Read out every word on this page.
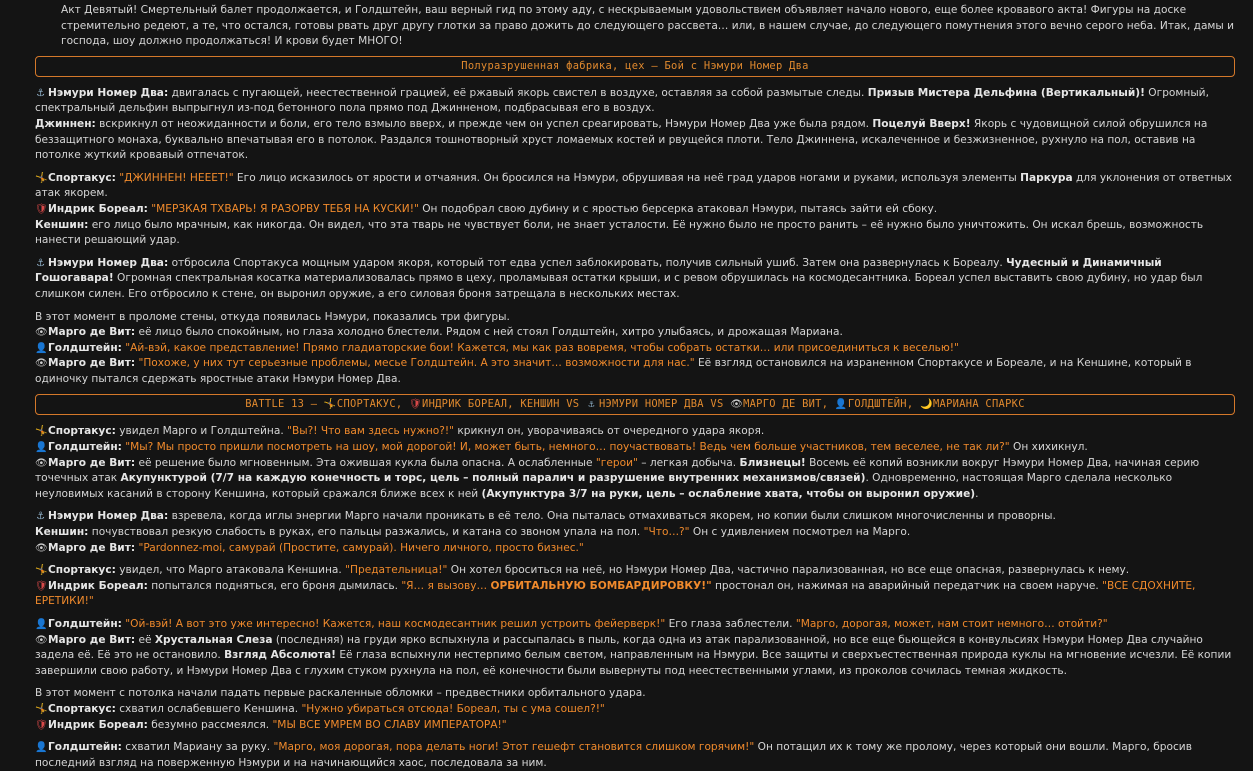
Акт Девятый! Смертельный балет продолжается, и Голдштейн, ваш верный гид по этому аду, с нескрываемым удовольствием объявляет начало нового, еще более кровавого акта! Фигуры на доске стремительно редеют, а те, что остался, готовы рвать друг другу глотки за право дожить до следующего рассвета… или, в нашем случае, до следующего помутнения этого вечно серого неба. Итак, дамы и господа, шоу должно продолжаться! И крови будет МНОГО!
Полуразрушенная фабрика, цех – Бой с Нэмури Номер Два
⚓ Нэмури Номер Два: двигалась с пугающей, неестественной грацией, её ржавый якорь свистел в воздухе, оставляя за собой размытые следы. Призыв Мистера Дельфина (Вертикальный)! Огромный, спектральный дельфин выпрыгнул из-под бетонного пола прямо под Джинненом, подбрасывая его в воздух.
Джиннен: вскрикнул от неожиданности и боли, его тело взмыло вверх, и прежде чем он успел среагировать, Нэмури Номер Два уже была рядом. Поцелуй Вверх! Якорь с чудовищной силой обрушился на беззащитного монаха, буквально впечатывая его в потолок. Раздался тошнотворный хруст ломаемых костей и рвущейся плоти. Тело Джиннена, искалеченное и безжизненное, рухнуло на пол, оставив на потолке жуткий кровавый отпечаток.
🤸Спортакус: "ДЖИННЕН! НЕЕЕТ!" Его лицо исказилось от ярости и отчаяния. Он бросился на Нэмури, обрушивая на неё град ударов ногами и руками, используя элементы Паркура для уклонения от ответных атак якорем.
🛡Индрик Бореал: "МЕРЗКАЯ ТХВАРЬ! Я РАЗОРВУ ТЕБЯ НА КУСКИ!" Он подобрал свою дубину и с яростью берсерка атаковал Нэмури, пытаясь зайти ей сбоку.
Кеншин: его лицо было мрачным, как никогда. Он видел, что эта тварь не чувствует боли, не знает усталости. Её нужно было не просто ранить – её нужно было уничтожить. Он искал брешь, возможность нанести решающий удар.
⚓ Нэмури Номер Два: отбросила Спортакуса мощным ударом якоря, который тот едва успел заблокировать, получив сильный ушиб. Затем она развернулась к Бореалу. Чудесный и Динамичный Гошогавара! Огромная спектральная косатка материализовалась прямо в цеху, проламывая остатки крыши, и с ревом обрушилась на космодесантника. Бореал успел выставить свою дубину, но удар был слишком силен. Его отбросило к стене, он выронил оружие, а его силовая броня затрещала в нескольких местах.
В этот момент в проломе стены, откуда появилась Нэмури, показались три фигуры.
👁Марго де Вит: её лицо было спокойным, но глаза холодно блестели. Рядом с ней стоял Голдштейн, хитро улыбаясь, и дрожащая Мариана.
👤Голдштейн: "Ай-вэй, какое представление! Прямо гладиаторские бои! Кажется, мы как раз вовремя, чтобы собрать остатки… или присоединиться к веселью!"
👁Марго де Вит: "Похоже, у них тут серьезные проблемы, месье Голдштейн. А это значит… возможности для нас." Её взгляд остановился на израненном Спортакусе и Бореале, и на Кеншине, который в одиночку пытался сдержать яростные атаки Нэмури Номер Два.
BATTLE 13 – 🤸СПОРТАКУС, 🛡ИНДРИК БОРЕАЛ, КЕНШИН VS ⚓ НЭМУРИ НОМЕР ДВА VS 👁МАРГО ДЕ ВИТ, 👤ГОЛДШТЕЙН, 🌙МАРИАНА СПАРКС
🤸Спортакус: увидел Марго и Голдштейна. "Вы?! Что вам здесь нужно?!" крикнул он, уворачиваясь от очередного удара якоря.
👤Голдштейн: "Мы? Мы просто пришли посмотреть на шоу, мой дорогой! И, может быть, немного… поучаствовать! Ведь чем больше участников, тем веселее, не так ли?" Он хихикнул.
👁Марго де Вит: её решение было мгновенным. Эта ожившая кукла была опасна. А ослабленные "герои" – легкая добыча. Близнецы! Восемь её копий возникли вокруг Нэмури Номер Два, начиная серию точечных атак Акупунктурой (7/7 на каждую конечность и торс, цель – полный паралич и разрушение внутренних механизмов/связей). Одновременно, настоящая Марго сделала несколько неуловимых касаний в сторону Кеншина, который сражался ближе всех к ней (Акупунктура 3/7 на руки, цель – ослабление хвата, чтобы он выронил оружие).
⚓ Нэмури Номер Два: взревела, когда иглы энергии Марго начали проникать в её тело. Она пыталась отмахиваться якорем, но копии были слишком многочисленны и проворны.
Кеншин: почувствовал резкую слабость в руках, его пальцы разжались, и катана со звоном упала на пол. "Что…?" Он с удивлением посмотрел на Марго.
👁Марго де Вит: "Pardonnez-moi, самурай (Простите, самурай). Ничего личного, просто бизнес."
🤸Спортакус: увидел, что Марго атаковала Кеншина. "Предательница!" Он хотел броситься на неё, но Нэмури Номер Два, частично парализованная, но все еще опасная, развернулась к нему.
🛡Индрик Бореал: попытался подняться, его броня дымилась. "Я… я вызову… ОРБИТАЛЬНУЮ БОМБАРДИРОВКУ!" простонал он, нажимая на аварийный передатчик на своем наруче. "ВСЕ СДОХНИТЕ, ЕРЕТИКИ!"
👤Голдштейн: "Ой-вэй! А вот это уже интересно! Кажется, наш космодесантник решил устроить фейерверк!" Его глаза заблестели. "Марго, дорогая, может, нам стоит немного… отойти?"
👁Марго де Вит: её Хрустальная Слеза (последняя) на груди ярко вспыхнула и рассыпалась в пыль, когда одна из атак парализованной, но все еще бьющейся в конвульсиях Нэмури Номер Два случайно задела её. Её это не остановило. Взгляд Абсолюта! Её глаза вспыхнули нестерпимо белым светом, направленным на Нэмури. Все защиты и сверхъестественная природа куклы на мгновение исчезли. Её копии завершили свою работу, и Нэмури Номер Два с глухим стуком рухнула на пол, её конечности были вывернуты под неестественными углами, из проколов сочилась темная жидкость.
В этот момент с потолка начали падать первые раскаленные обломки – предвестники орбитального удара.
🤸Спортакус: схватил ослабевшего Кеншина. "Нужно убираться отсюда! Бореал, ты с ума сошел?!"
🛡Индрик Бореал: безумно рассмеялся. "МЫ ВСЕ УМРЕМ ВО СЛАВУ ИМПЕРАТОРА!"
👤Голдштейн: схватил Мариану за руку. "Марго, моя дорогая, пора делать ноги! Этот гешефт становится слишком горячим!" Он потащил их к тому же пролому, через который они вошли. Марго, бросив последний взгляд на поверженную Нэмури и на начинающийся хаос, последовала за ним.
